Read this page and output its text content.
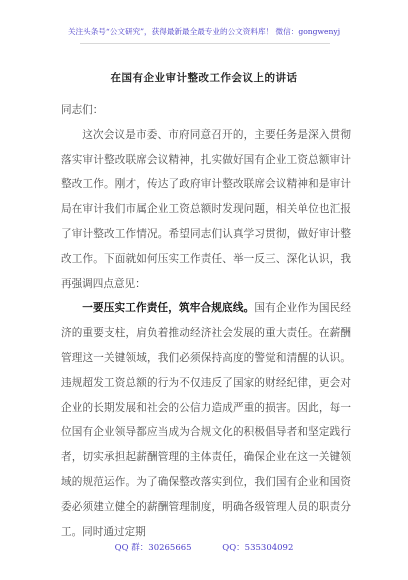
关注头条号“公文研究”，获得最新最全最专业的公文资料库！ 微信：gongwenyj
在国有企业审计整改工作会议上的讲话

同志们：

这次会议是市委、市府同意召开的，主要任务是深入贯彻落实审计整改联席会议精神，扎实做好国有企业工资总额审计整改工作。刚才，传达了政府审计整改联席会议精神和是审计局在审计我们市属企业工资总额时发现问题，相关单位也汇报了审计整改工作情况。希望同志们认真学习贯彻，做好审计整改工作。下面就如何压实工作责任、举一反三、深化认识，我再强调四点意见：

一要压实工作责任，筑牢合规底线。国有企业作为国民经济的重要支柱，肩负着推动经济社会发展的重大责任。在薪酬管理这一关键领域，我们必须保持高度的警觉和清醒的认识。违规超发工资总额的行为不仅违反了国家的财经纪律，更会对企业的长期发展和社会的公信力造成严重的损害。因此，每一位国有企业领导都应当成为合规文化的积极倡导者和坚定践行者，切实承担起薪酬管理的主体责任，确保企业在这一关键领域的规范运作。为了确保整改落实到位，我们国有企业和国资委必须建立健全的薪酬管理制度，明确各级管理人员的职责分工。同时通过定期

QQ 群：30265665	QQ：535304092
